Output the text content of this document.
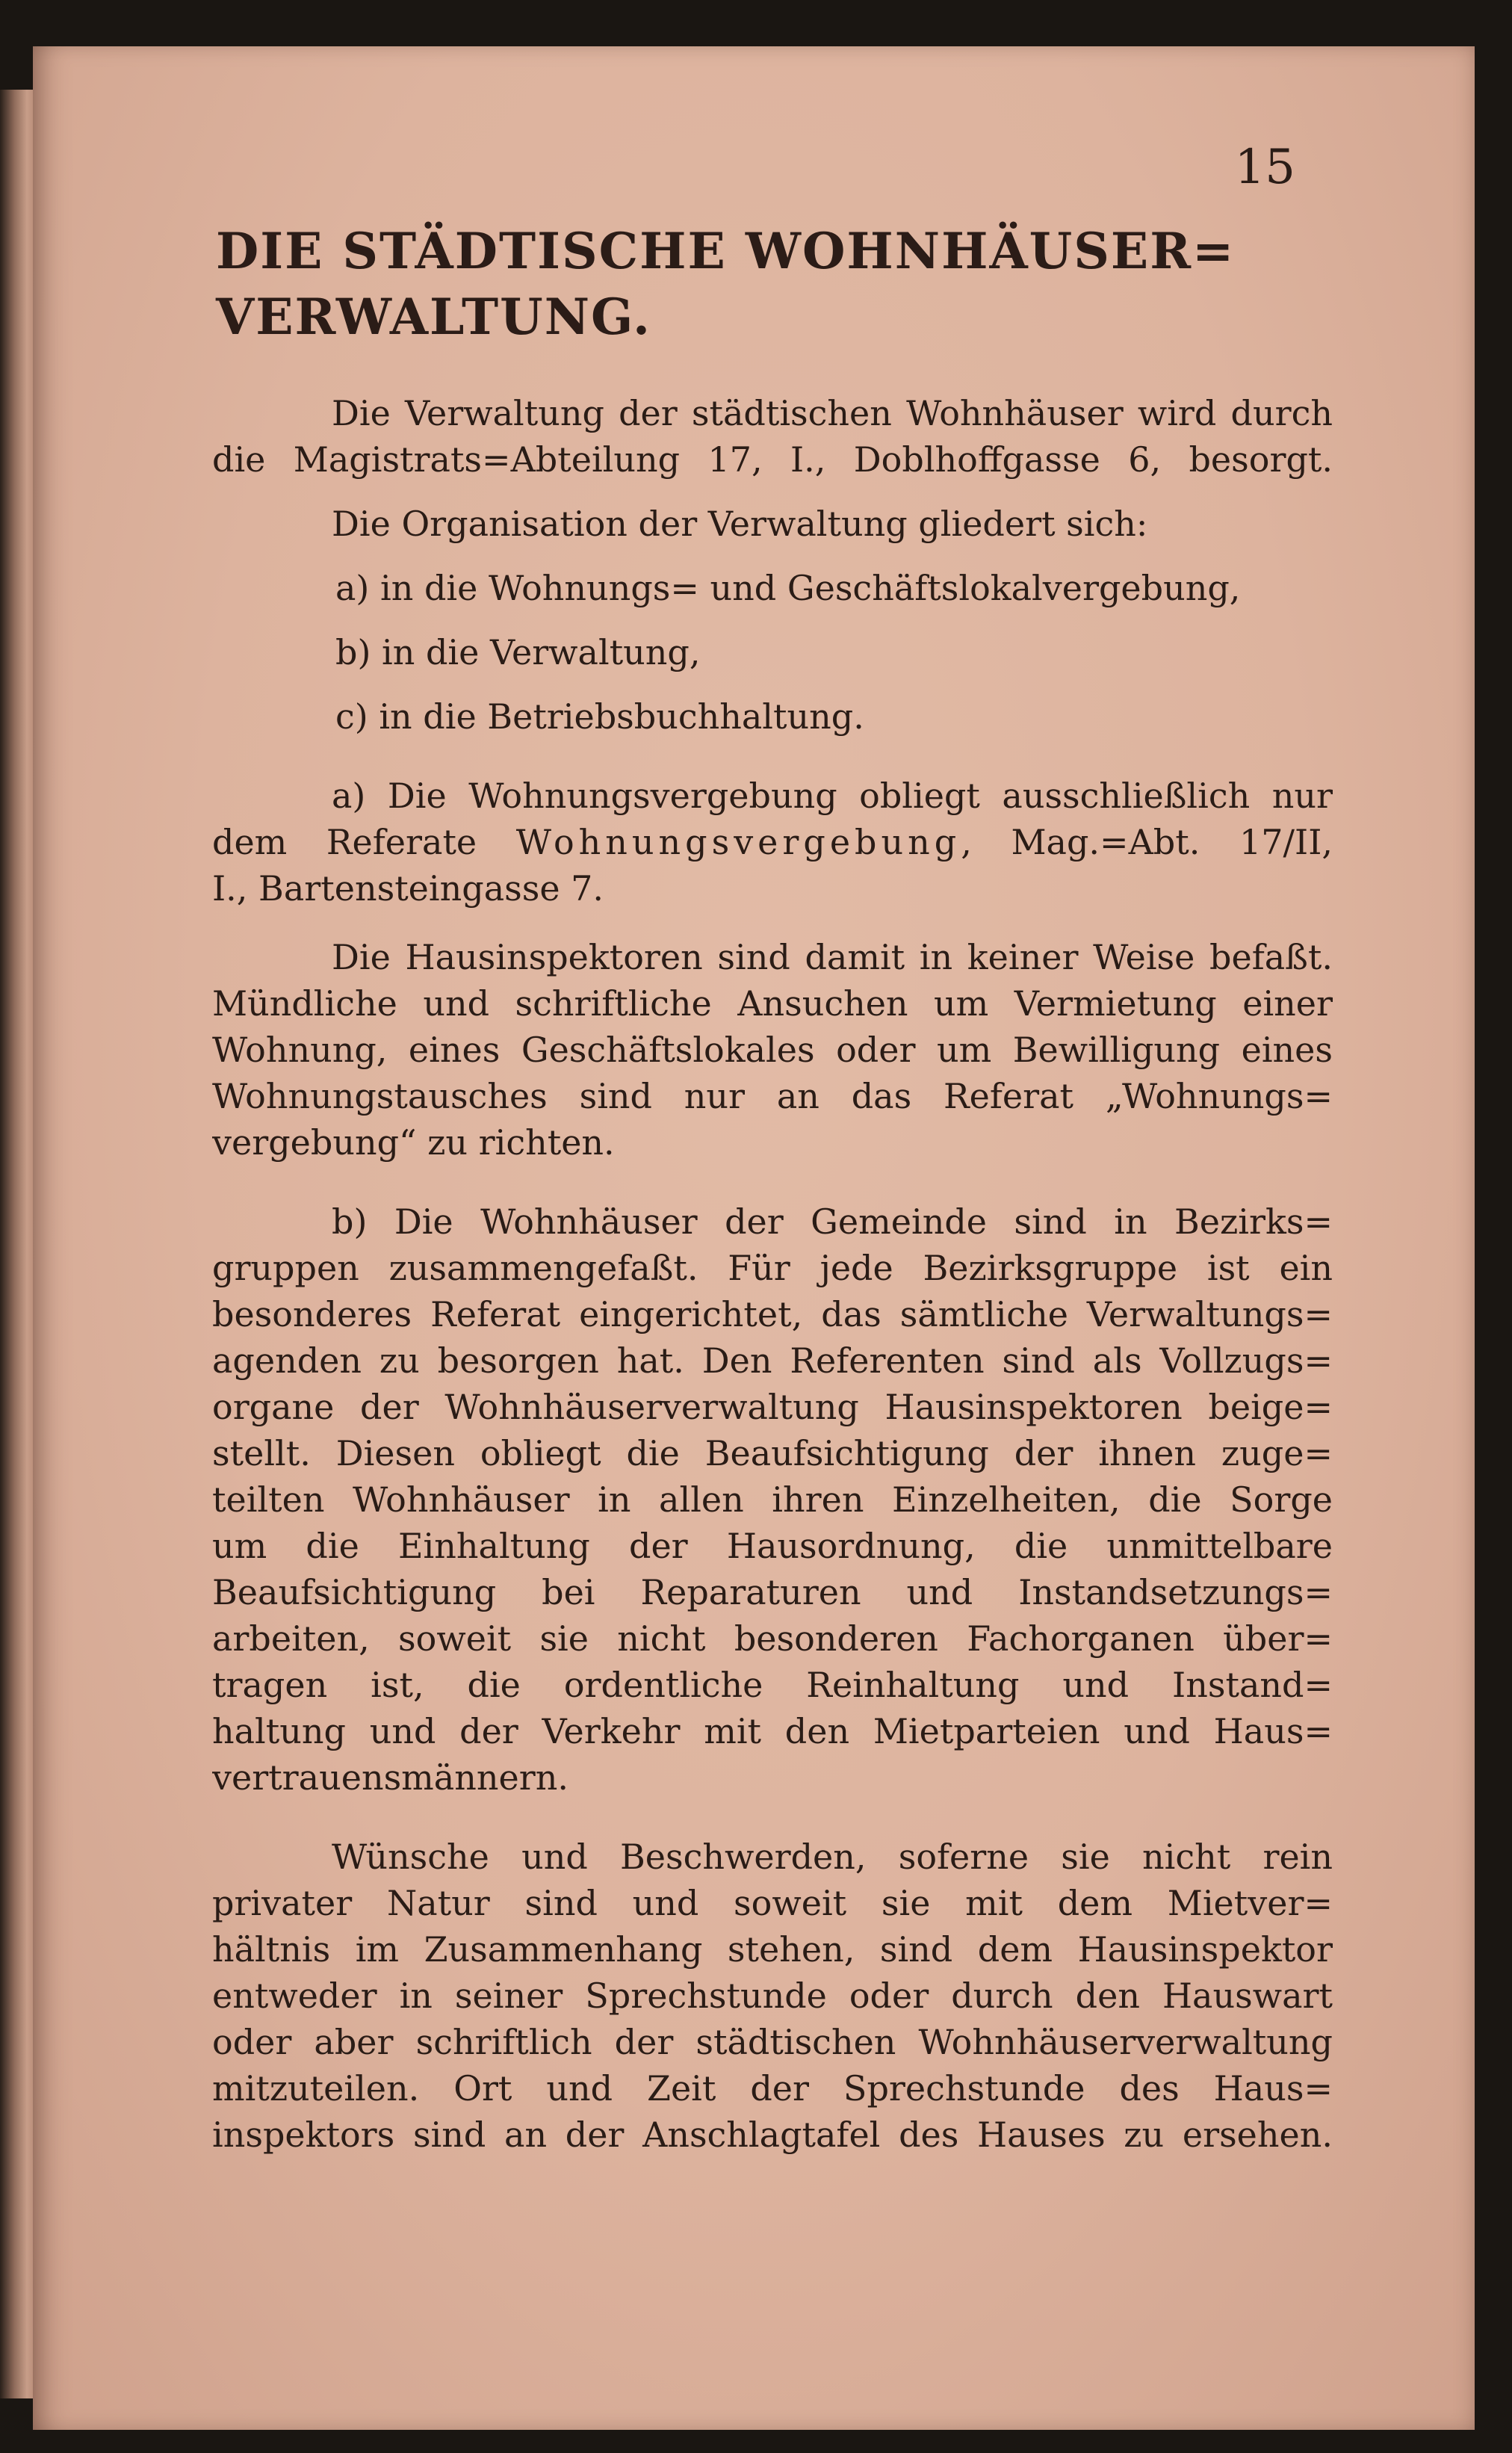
15
DIE STÄDTISCHE WOHNHÄUSER=
VERWALTUNG.
Die Verwaltung der städtischen Wohnhäuser wird durch
die Magistrats=Abteilung 17, I., Doblhoffgasse 6, besorgt.
Die Organisation der Verwaltung gliedert sich:
a) in die Wohnungs= und Geschäftslokalvergebung,
b) in die Verwaltung,
c) in die Betriebsbuchhaltung.
a) Die Wohnungsvergebung obliegt ausschließlich nur
dem Referate Wohnungsvergebung, Mag.=Abt. 17/II,
I., Bartensteingasse 7.
Die Hausinspektoren sind damit in keiner Weise befaßt.
Mündliche und schriftliche Ansuchen um Vermietung einer
Wohnung, eines Geschäftslokales oder um Bewilligung eines
Wohnungstausches sind nur an das Referat „Wohnungs=
vergebung“ zu richten.
b) Die Wohnhäuser der Gemeinde sind in Bezirks=
gruppen zusammengefaßt. Für jede Bezirksgruppe ist ein
besonderes Referat eingerichtet, das sämtliche Verwaltungs=
agenden zu besorgen hat. Den Referenten sind als Vollzugs=
organe der Wohnhäuserverwaltung Hausinspektoren beige=
stellt. Diesen obliegt die Beaufsichtigung der ihnen zuge=
teilten Wohnhäuser in allen ihren Einzelheiten, die Sorge
um die Einhaltung der Hausordnung, die unmittelbare
Beaufsichtigung bei Reparaturen und Instandsetzungs=
arbeiten, soweit sie nicht besonderen Fachorganen über=
tragen ist, die ordentliche Reinhaltung und Instand=
haltung und der Verkehr mit den Mietparteien und Haus=
vertrauensmännern.
Wünsche und Beschwerden, soferne sie nicht rein
privater Natur sind und soweit sie mit dem Mietver=
hältnis im Zusammenhang stehen, sind dem Hausinspektor
entweder in seiner Sprechstunde oder durch den Hauswart
oder aber schriftlich der städtischen Wohnhäuserverwaltung
mitzuteilen. Ort und Zeit der Sprechstunde des Haus=
inspektors sind an der Anschlagtafel des Hauses zu ersehen.
